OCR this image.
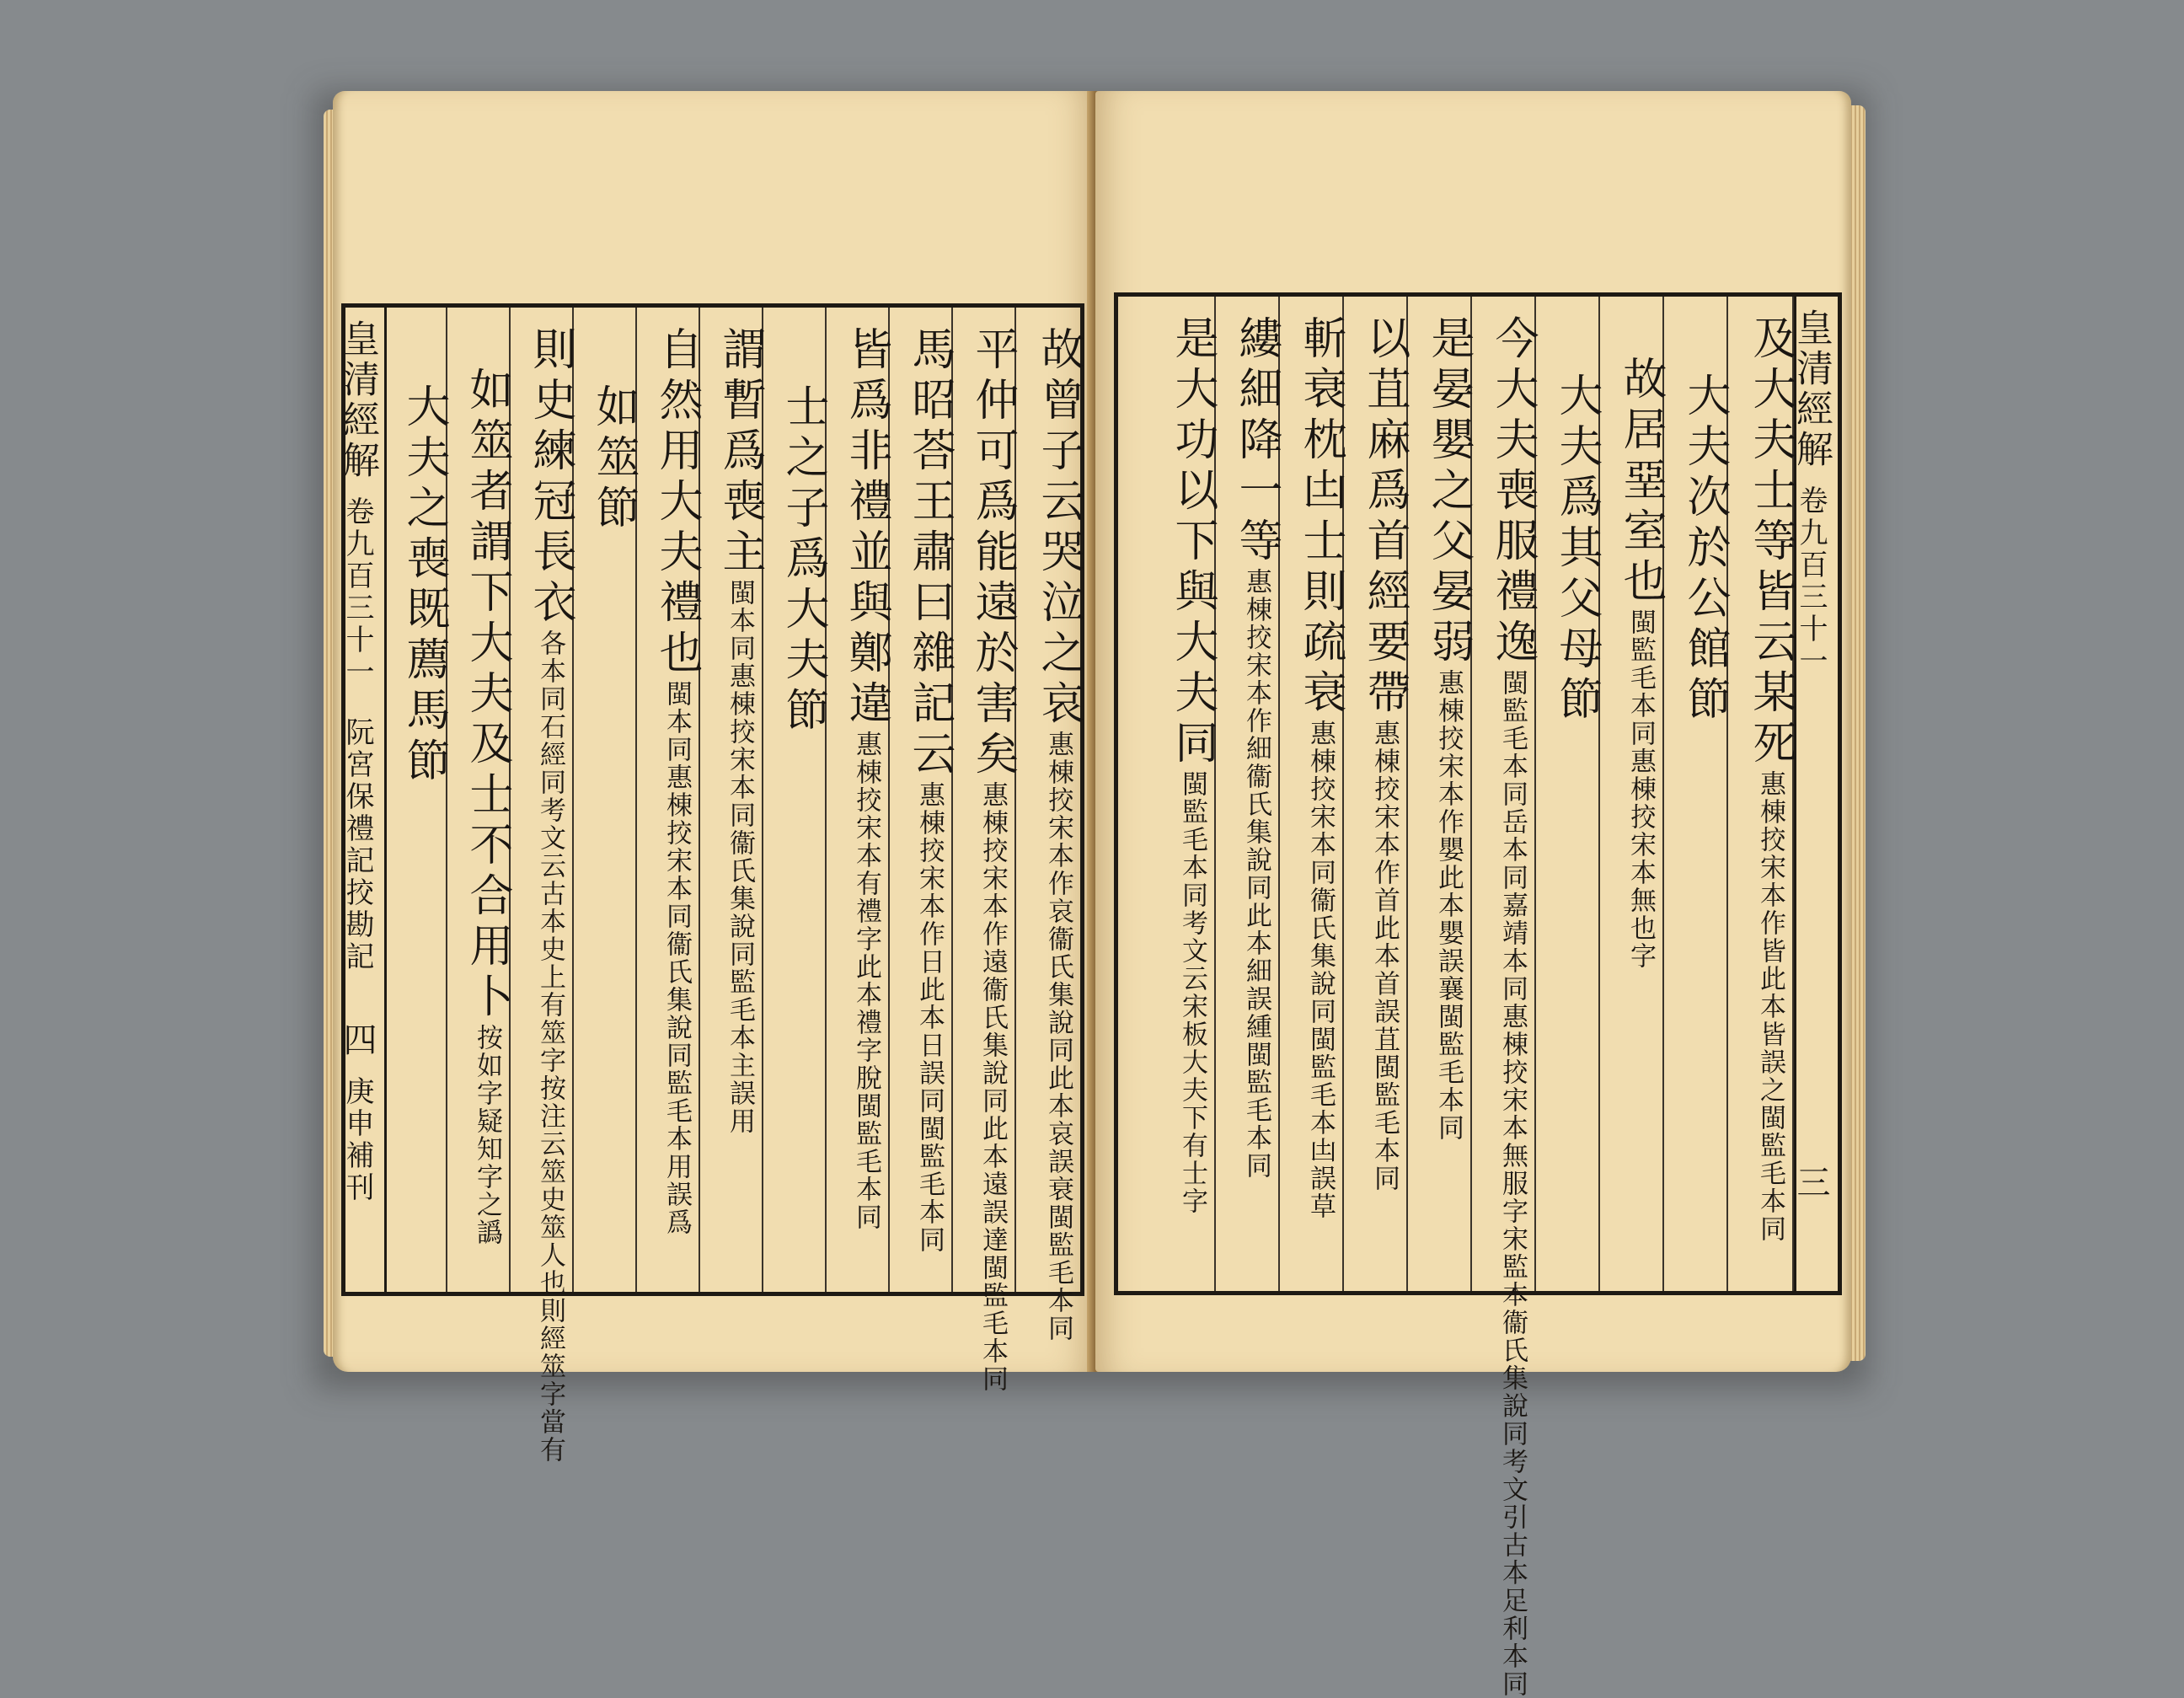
故曾子云哭泣之哀惠棟挍宋本作哀衞氏集說同此本哀誤衰閩監毛本同
平仲可爲能遠於害矣惠棟挍宋本作遠衞氏集說同此本遠誤達閩監毛本同
馬昭荅王肅曰雜記云惠棟挍宋本作日此本日誤同閩監毛本同
皆爲非禮並與鄭違惠棟挍宋本有禮字此本禮字脫閩監毛本同
士之子爲大夫節
謂暫爲喪主閩本同惠棟挍宋本同衞氏集說同監毛本主誤用
自然用大夫禮也閩本同惠棟挍宋本同衞氏集說同監毛本用誤爲
如筮節
則史練冠長衣各本同石經同考文云古本史上有筮字按注云筮史筮人也則經筮字當有
如筮者謂下大夫及士不合用卜按如字疑知字之譌
大夫之喪既薦馬節
皇清經解 卷九百三十一 阮宮保禮記挍勘記 四 庚申補刊
皇清經解 卷九百三十一 三
及大夫士等皆云某死惠棟挍宋本作皆此本皆誤之閩監毛本同
大夫次於公館節
故居堊室也閩監毛本同惠棟挍宋本無也字
大夫爲其父母節
今大夫喪服禮逸閩監毛本同岳本同嘉靖本同惠棟挍宋本無服字宋監本衞氏集說同考文引古本足利本同
是晏嬰之父晏弱惠棟挍宋本作嬰此本嬰誤襄閩監毛本同
以苴麻爲首經要帶惠棟挍宋本作首此本首誤苴閩監毛本同
斬衰枕凷士則疏衰惠棟挍宋本同衞氏集說同閩監毛本凷誤草
縷細降一等惠棟挍宋本作細衞氏集說同此本細誤緟閩監毛本同
是大功以下與大夫同閩監毛本同考文云宋板大夫下有士字
